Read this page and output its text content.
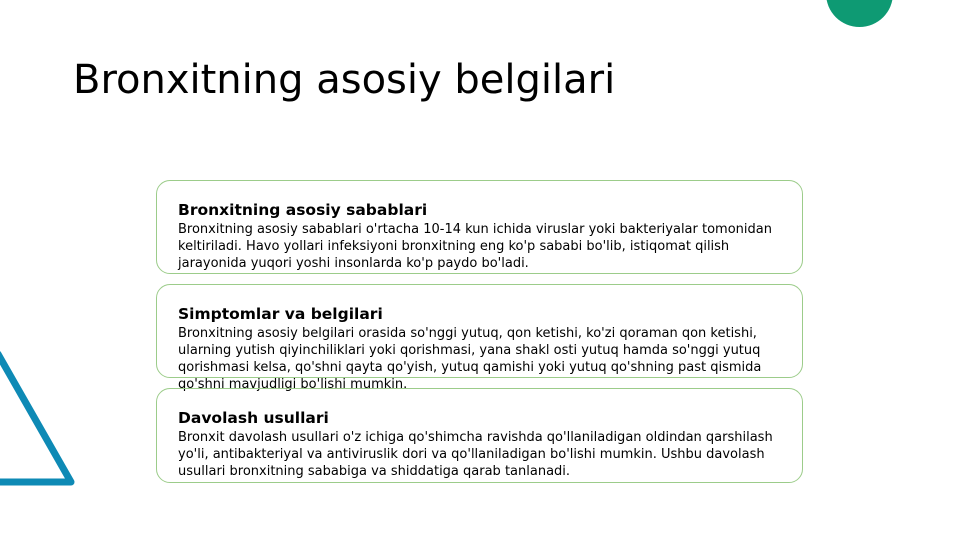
Bronxitning asosiy belgilari

Bronxitning asosiy sabablari

Bronxitning asosiy sabablari o'rtacha 10-14 kun ichida viruslar yoki bakteriyalar tomonidan keltiriladi. Havo yollari infeksiyoni bronxitning eng ko'p sababi bo'lib, istiqomat qilish jarayonida yuqori yoshi insonlarda ko'p paydo bo'ladi.

Simptomlar va belgilari

Bronxitning asosiy belgilari orasida so'nggi yutuq, qon ketishi, ko'zi qoraman qon ketishi, ularning yutish qiyinchiliklari yoki qorishmasi, yana shakl osti yutuq hamda so'nggi yutuq qorishmasi kelsa, qo'shni qayta qo'yish, yutuq qamishi yoki yutuq qo'shning past qismida qo'shni mavjudligi bo'lishi mumkin.

Davolash usullari

Bronxit davolash usullari o'z ichiga qo'shimcha ravishda qo'llaniladigan oldindan qarshilash yo'li, antibakteriyal va antiviruslik dori va qo'llaniladigan bo'lishi mumkin. Ushbu davolash usullari bronxitning sababiga va shiddatiga qarab tanlanadi.
